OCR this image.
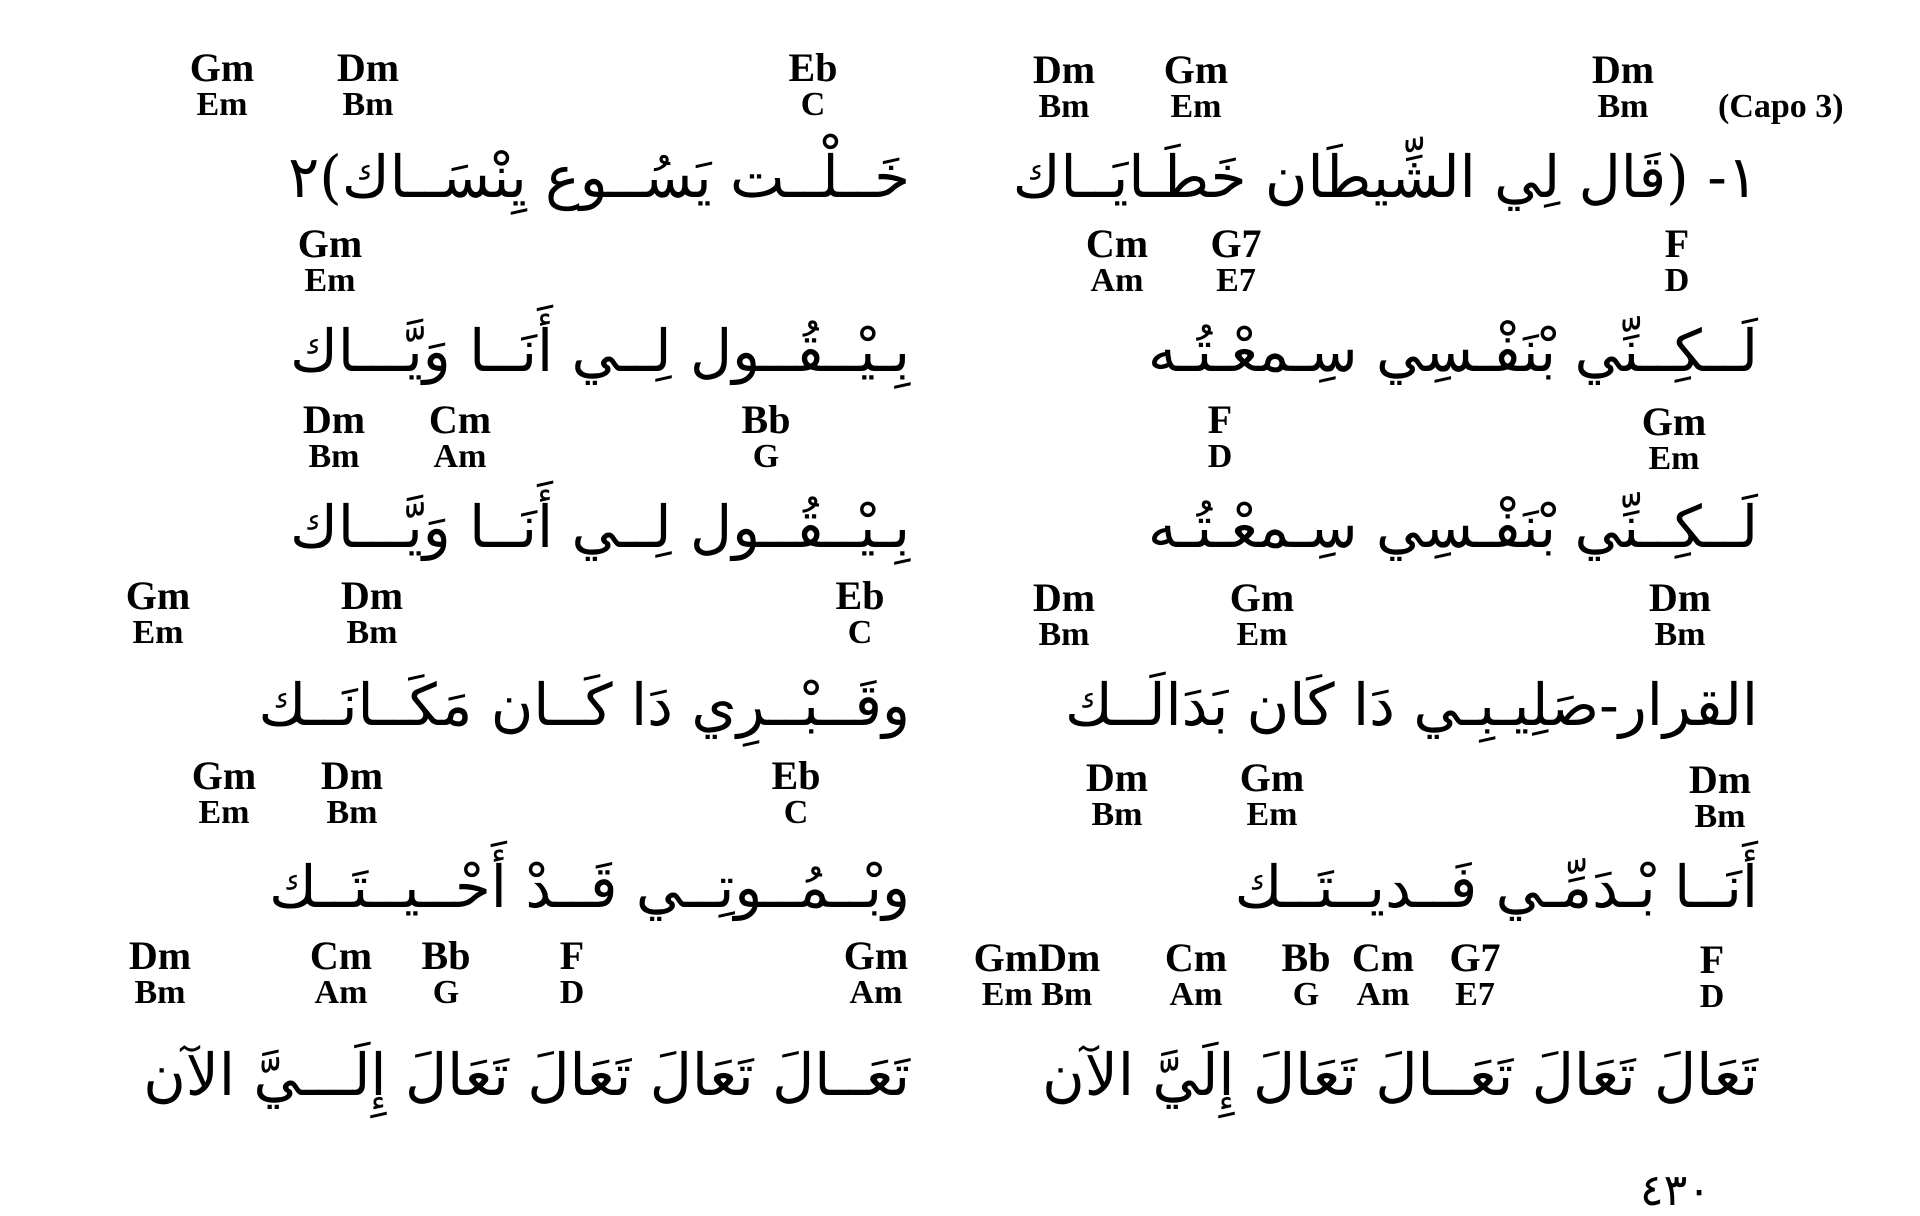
(Capo 3)
Gm
Em
Dm
Bm
Eb
C
Dm
Bm
Gm
Em
Dm
Bm
١- (قَال لِي الشِّيطَان خَطَـايَــاك
خَــلْــت يَسُــوع يِنْسَــاك)٢
Gm
Em
Cm
Am
G7
E7
F
D
لَــكِــنِّي بْنَفْـسِي سِـمعْـتُـه
بِـيْــقُــول لِــي أَنَــا وَيَّـــاك
Dm
Bm
Cm
Am
Bb
G
F
D
Gm
Em
لَــكِــنِّي بْنَفْـسِي سِـمعْـتُـه
بِـيْــقُــول لِــي أَنَــا وَيَّـــاك
Gm
Em
Dm
Bm
Eb
C
Dm
Bm
Gm
Em
Dm
Bm
القرار-صَلِيـبِـي دَا كَان بَدَالَــك
وقَــبْــرِي دَا كَــان مَكَــانَــك
Gm
Em
Dm
Bm
Eb
C
Dm
Bm
Gm
Em
Dm
Bm
أَنَــا بْـدَمِّـي فَــديــتَــك
وبْــمُــوتِــي قَــدْ أَحْــيــتَــك
Dm
Bm
Cm
Am
Bb
G
F
D
Gm
Am
GmDm
Em Bm
Cm
Am
Bb
G
Cm
Am
G7
E7
F
D
تَعَالَ تَعَالَ تَعَــالَ تَعَالَ إِلَيَّ الآن
تَعَــالَ تَعَالَ تَعَالَ تَعَالَ إِلَـــيَّ الآن
٤٣٠
